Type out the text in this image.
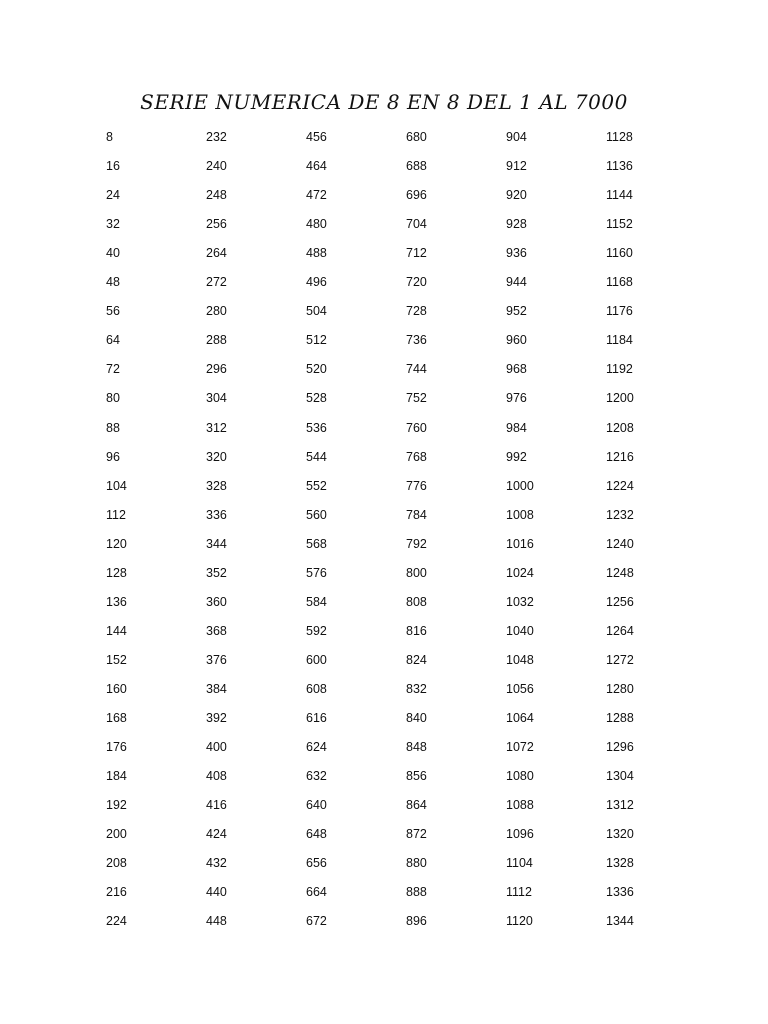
SERIE NUMERICA DE 8 EN 8 DEL 1 AL 7000
8
16
24
32
40
48
56
64
72
80
88
96
104
112
120
128
136
144
152
160
168
176
184
192
200
208
216
224
232
240
248
256
264
272
280
288
296
304
312
320
328
336
344
352
360
368
376
384
392
400
408
416
424
432
440
448
456
464
472
480
488
496
504
512
520
528
536
544
552
560
568
576
584
592
600
608
616
624
632
640
648
656
664
672
680
688
696
704
712
720
728
736
744
752
760
768
776
784
792
800
808
816
824
832
840
848
856
864
872
880
888
896
904
912
920
928
936
944
952
960
968
976
984
992
1000
1008
1016
1024
1032
1040
1048
1056
1064
1072
1080
1088
1096
1104
1112
1120
1128
1136
1144
1152
1160
1168
1176
1184
1192
1200
1208
1216
1224
1232
1240
1248
1256
1264
1272
1280
1288
1296
1304
1312
1320
1328
1336
1344
